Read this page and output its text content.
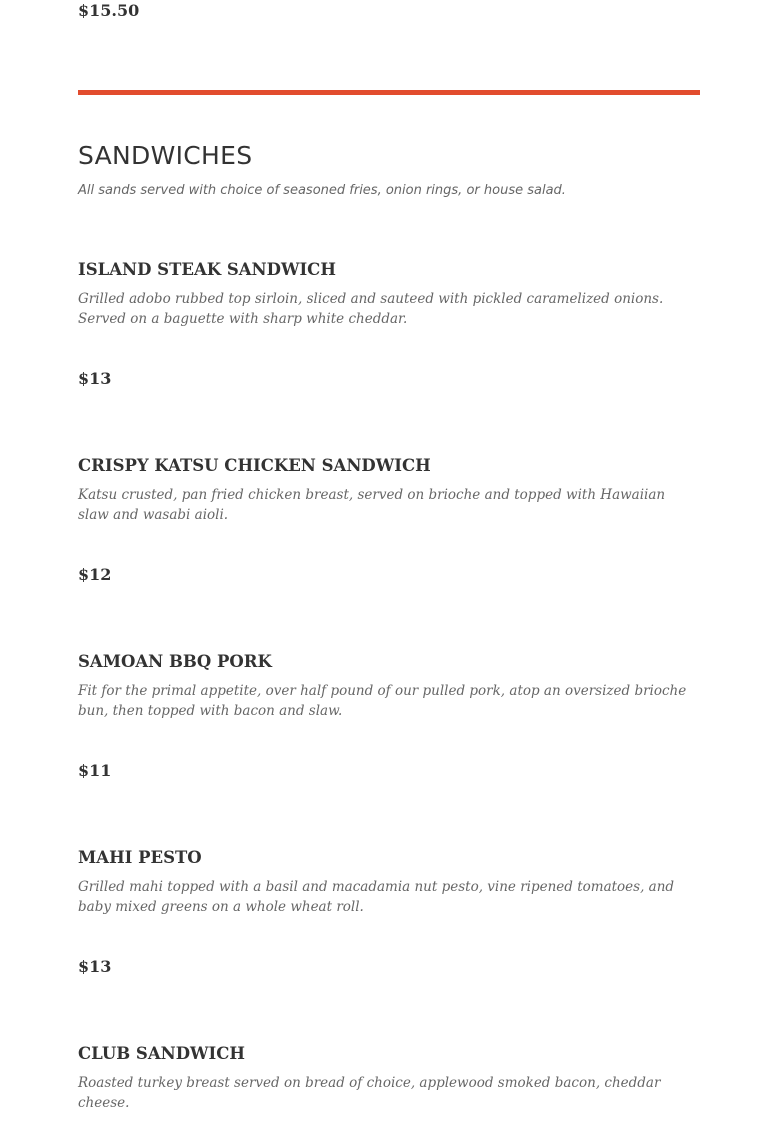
$15.50
SANDWICHES
All sands served with choice of seasoned fries, onion rings, or house salad.
ISLAND STEAK SANDWICH
Grilled adobo rubbed top sirloin, sliced and sauteed with pickled caramelized onions. Served on a baguette with sharp white cheddar.
$13
CRISPY KATSU CHICKEN SANDWICH
Katsu crusted, pan fried chicken breast, served on brioche and topped with Hawaiian slaw and wasabi aioli.
$12
SAMOAN BBQ PORK
Fit for the primal appetite, over half pound of our pulled pork, atop an oversized brioche bun, then topped with bacon and slaw.
$11
MAHI PESTO
Grilled mahi topped with a basil and macadamia nut pesto, vine ripened tomatoes, and baby mixed greens on a whole wheat roll.
$13
CLUB SANDWICH
Roasted turkey breast served on bread of choice, applewood smoked bacon, cheddar cheese.
